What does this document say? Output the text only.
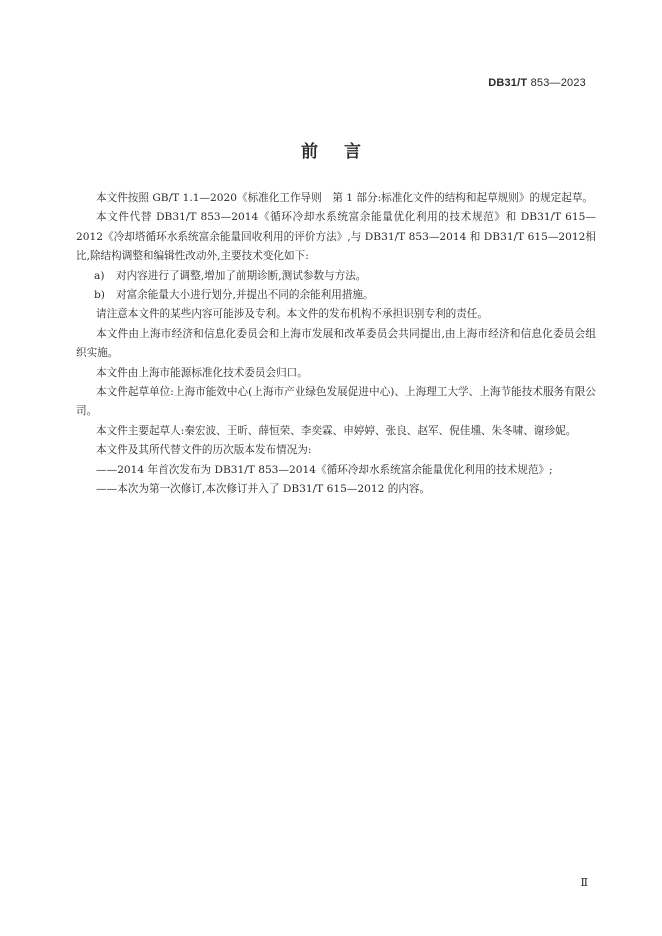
DB31/T 853—2023
前言

本文件按照 GB/T 1.1—2020《标准化工作导则　第 1 部分:标准化文件的结构和起草规则》的规定起草。

本文件代替 DB31/T 853—2014《循环冷却水系统富余能量优化利用的技术规范》和 DB31/T 615—2012《冷却塔循环水系统富余能量回收利用的评价方法》,与 DB31/T 853—2014 和 DB31/T 615—2012相比,除结构调整和编辑性改动外,主要技术变化如下:

a) 对内容进行了调整,增加了前期诊断,测试参数与方法。

b) 对富余能量大小进行划分,并提出不同的余能利用措施。

请注意本文件的某些内容可能涉及专利。本文件的发布机构不承担识别专利的责任。

本文件由上海市经济和信息化委员会和上海市发展和改革委员会共同提出,由上海市经济和信息化委员会组织实施。

本文件由上海市能源标准化技术委员会归口。

本文件起草单位:上海市能效中心(上海市产业绿色发展促进中心)、上海理工大学、上海节能技术服务有限公司。

本文件主要起草人:秦宏波、王昕、薛恒荣、李奕霖、申婷婷、张良、赵军、倪佳壎、朱冬啸、谢珍妮。

本文件及其所代替文件的历次版本发布情况为:

——2014 年首次发布为 DB31/T 853—2014《循环冷却水系统富余能量优化利用的技术规范》;

——本次为第一次修订,本次修订并入了 DB31/T 615—2012 的内容。

Ⅱ
